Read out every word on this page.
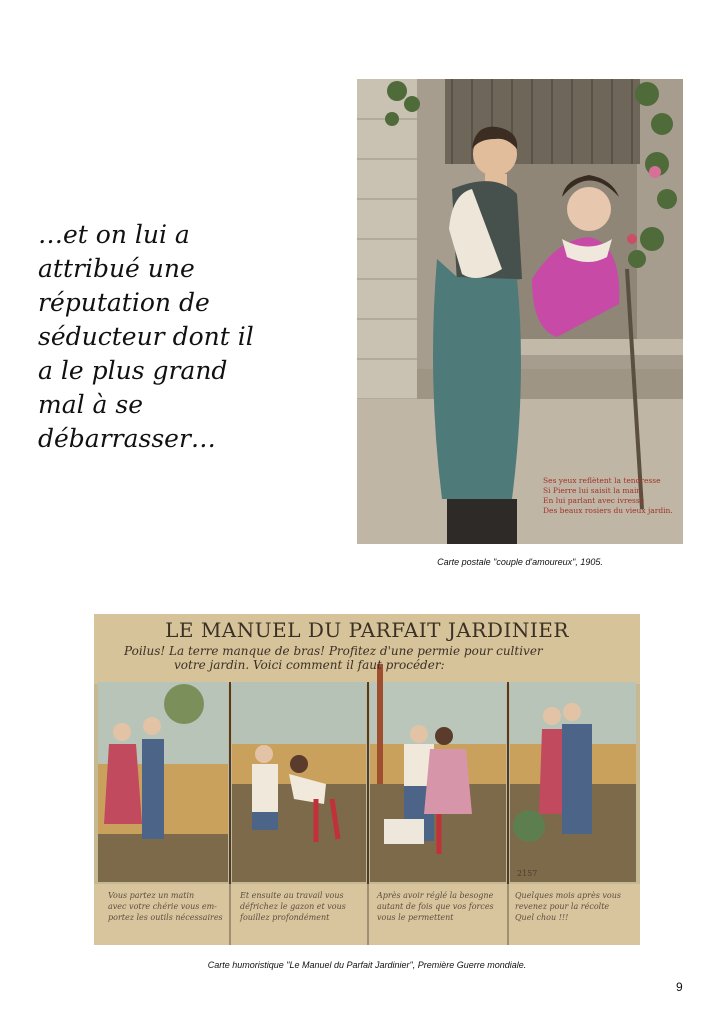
…et on lui a
attribué une
réputation de
séducteur dont il
a le plus grand
mal à se
débarrasser…
Ses yeux reflètent la tendresse
Si Pierre lui saisit la main,
En lui parlant avec ivresse
Des beaux rosiers du vieux jardin.
Carte postale "couple d'amoureux", 1905.
LE MANUEL DU PARFAIT JARDINIER
Poilus! La terre manque de bras! Profitez d'une permie pour cultiver
votre jardin. Voici comment il faut procéder:
2157
Vous partez un matin
avec votre chérie vous em-
portez les outils nécessaires
Et ensuite au travail vous
défrichez le gazon et vous
fouillez profondément
Après avoir réglé la besogne
autant de fois que vos forces
vous le permettent
Quelques mois après vous
revenez pour la récolte
Quel chou !!!
Carte humoristique "Le Manuel du Parfait Jardinier", Première Guerre mondiale.
9
